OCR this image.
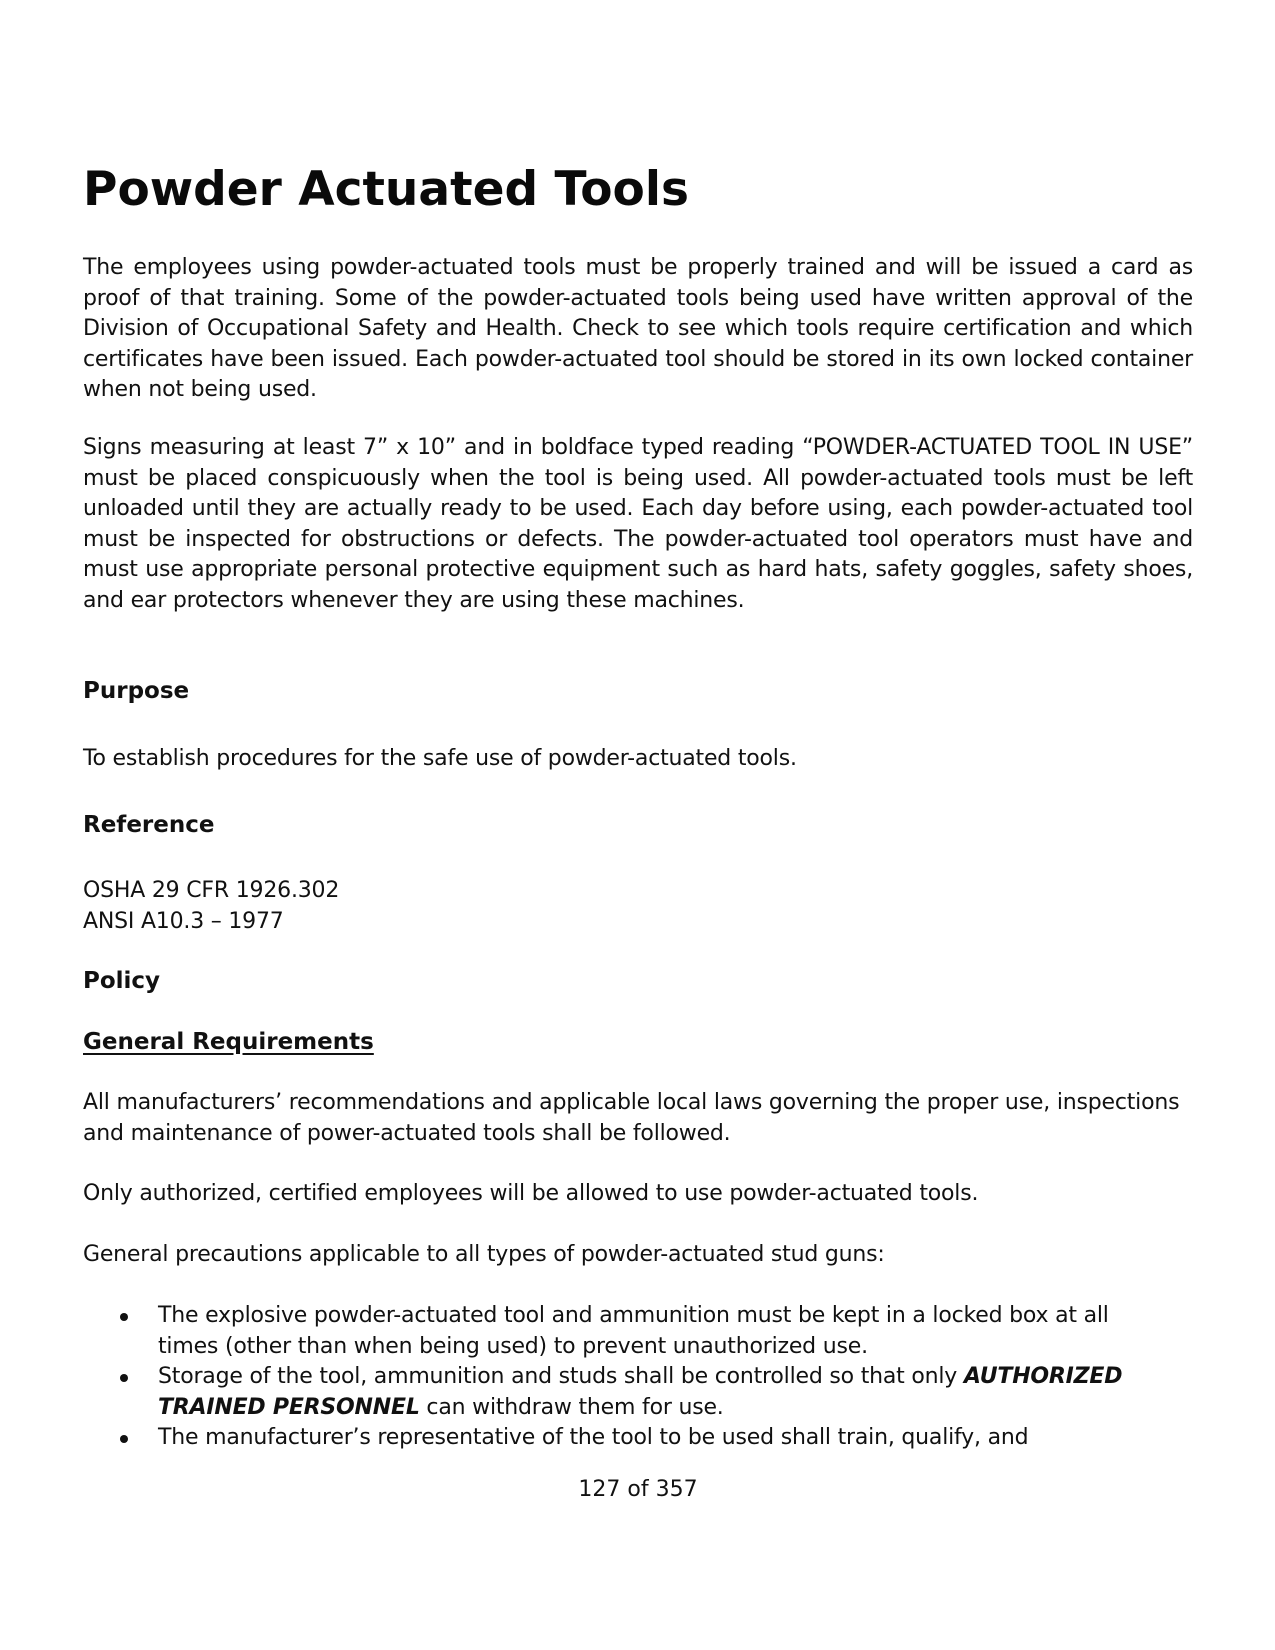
Powder Actuated Tools

The employees using powder-actuated tools must be properly trained and will be issued a card as proof of that training. Some of the powder-actuated tools being used have written approval of the Division of Occupational Safety and Health. Check to see which tools require certification and which certificates have been issued. Each powder-actuated tool should be stored in its own locked container when not being used.

Signs measuring at least 7” x 10” and in boldface typed reading “POWDER-ACTUATED TOOL IN USE” must be placed conspicuously when the tool is being used. All powder-actuated tools must be left unloaded until they are actually ready to be used. Each day before using, each powder-actuated tool must be inspected for obstructions or defects. The powder-actuated tool operators must have and must use appropriate personal protective equipment such as hard hats, safety goggles, safety shoes, and ear protectors whenever they are using these machines.

Purpose

To establish procedures for the safe use of powder-actuated tools.

Reference
OSHA 29 CFR 1926.302
ANSI A10.3 – 1977
Policy
General Requirements

All manufacturers’ recommendations and applicable local laws governing the proper use, inspections and maintenance of power-actuated tools shall be followed.

Only authorized, certified employees will be allowed to use powder-actuated tools.

General precautions applicable to all types of powder-actuated stud guns:

The explosive powder-actuated tool and ammunition must be kept in a locked box at all times (other than when being used) to prevent unauthorized use.
Storage of the tool, ammunition and studs shall be controlled so that only AUTHORIZED TRAINED PERSONNEL can withdraw them for use.
The manufacturer’s representative of the tool to be used shall train, qualify, and
127 of 357
